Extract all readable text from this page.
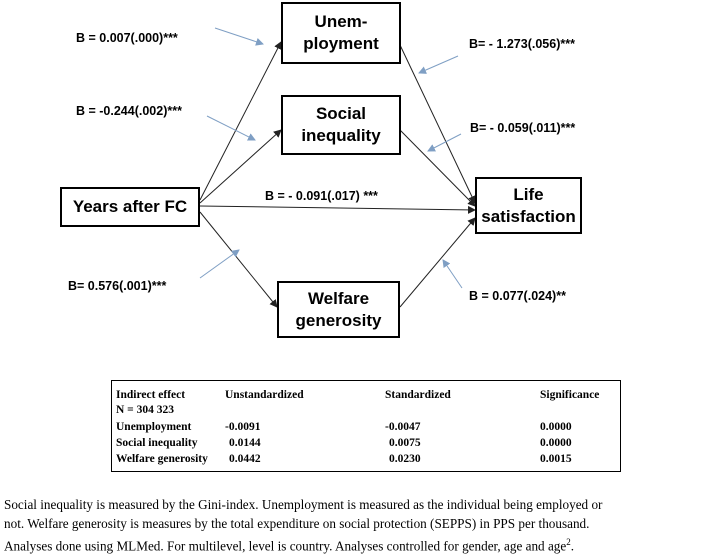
Unem-
ployment
Social
inequality
Years after FC
Life
satisfaction
Welfare
generosity
B = 0.007(.000)***
B = -0.244(.002)***
B= 0.576(.001)***
B = - 0.091(.017) ***
B= - 1.273(.056)***
B= - 0.059(.011)***
B = 0.077(.024)**
Indirect effect	Unstandardized	Standardized	Significance
N = 304 323
Unemployment	-0.0091	-0.0047	0.0000
Social inequality	0.0144	0.0075	0.0000
Welfare generosity 0.0442	0.0230	0.0015

Social inequality is measured by the Gini-index. Unemployment is measured as the individual being employed or

not. Welfare generosity is measures by the total expenditure on social protection (SEPPS) in PPS per thousand.

Analyses done using MLMed. For multilevel, level is country. Analyses controlled for gender, age and age$^2$.
